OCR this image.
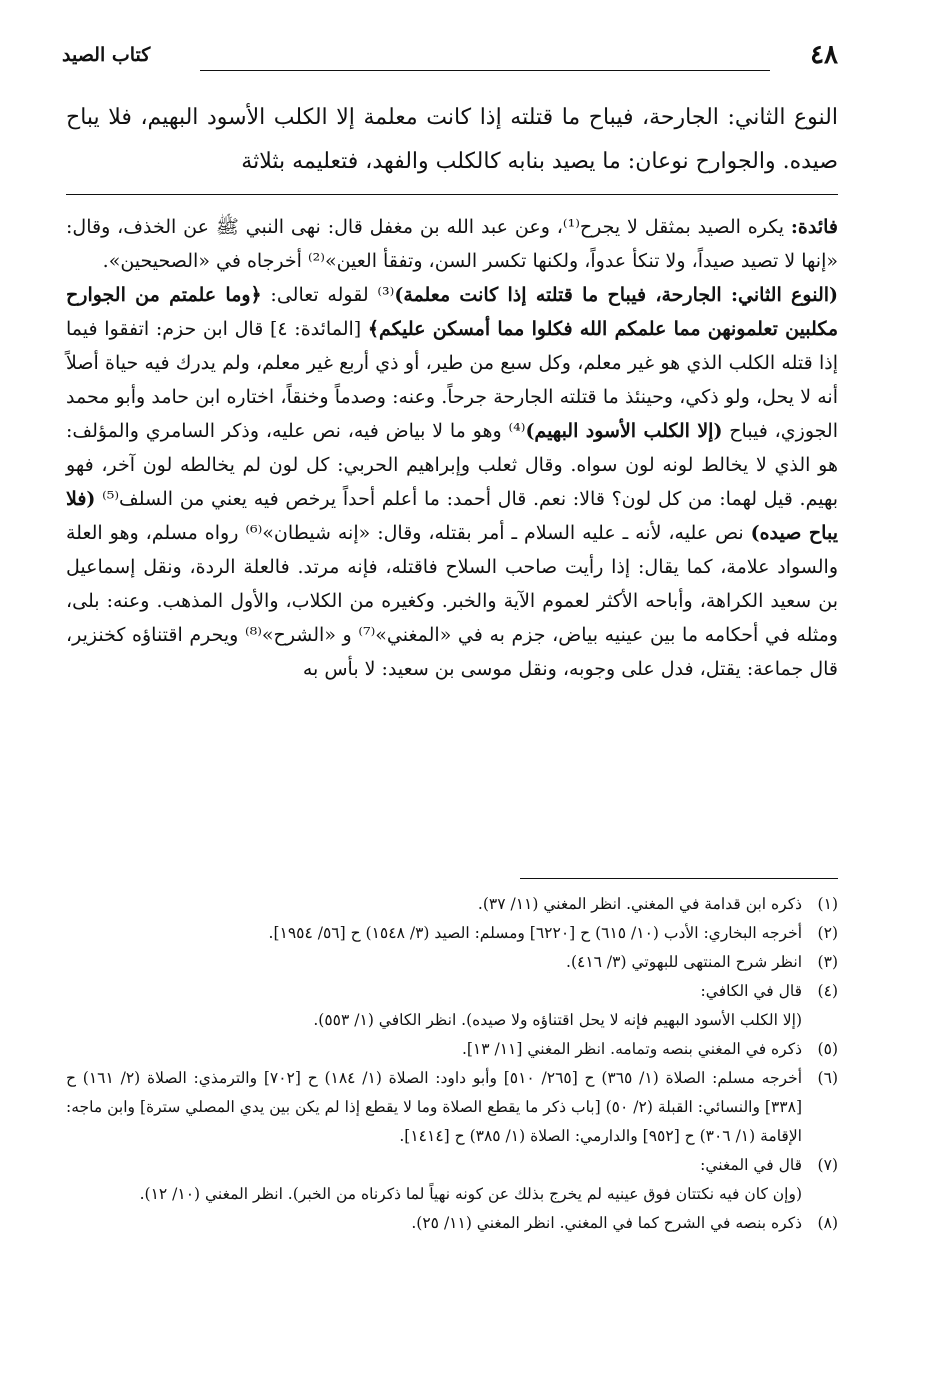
٤٨
كتاب الصيد
النوع الثاني: الجارحة، فيباح ما قتلته إذا كانت معلمة إلا الكلب الأسود البهيم، فلا يباح صيده. والجوارح نوعان: ما يصيد بنابه كالكلب والفهد، فتعليمه بثلاثة

فائدة: يكره الصيد بمثقل لا يجرح⁽¹⁾، وعن عبد الله بن مغفل قال: نهى النبي ﷺ عن الخذف، وقال: «إنها لا تصيد صيداً، ولا تنكأ عدواً، ولكنها تكسر السن، وتفقأ العين»⁽²⁾ أخرجاه في «الصحيحين».

(النوع الثاني: الجارحة، فيباح ما قتلته إذا كانت معلمة)⁽³⁾ لقوله تعالى: ﴿وما علمتم من الجوارح مكلبين تعلمونهن مما علمكم الله فكلوا مما أمسكن عليكم﴾ [المائدة: ٤] قال ابن حزم: اتفقوا فيما إذا قتله الكلب الذي هو غير معلم، وكل سبع من طير، أو ذي أربع غير معلم، ولم يدرك فيه حياة أصلاً أنه لا يحل، ولو ذكي، وحينئذ ما قتلته الجارحة جرحاً. وعنه: وصدماً وخنقاً، اختاره ابن حامد وأبو محمد الجوزي، فيباح (إلا الكلب الأسود البهيم)⁽⁴⁾ وهو ما لا بياض فيه، نص عليه، وذكر السامري والمؤلف: هو الذي لا يخالط لونه لون سواه. وقال ثعلب وإبراهيم الحربي: كل لون لم يخالطه لون آخر، فهو بهيم. قيل لهما: من كل لون؟ قالا: نعم. قال أحمد: ما أعلم أحداً يرخص فيه يعني من السلف⁽⁵⁾ (فلا يباح صيده) نص عليه، لأنه ـ عليه السلام ـ أمر بقتله، وقال: «إنه شيطان»⁽⁶⁾ رواه مسلم، وهو العلة والسواد علامة، كما يقال: إذا رأيت صاحب السلاح فاقتله، فإنه مرتد. فالعلة الردة، ونقل إسماعيل بن سعيد الكراهة، وأباحه الأكثر لعموم الآية والخبر. وكغيره من الكلاب، والأول المذهب. وعنه: بلى، ومثله في أحكامه ما بين عينيه بياض، جزم به في «المغني»⁽⁷⁾ و «الشرح»⁽⁸⁾ ويحرم اقتناؤه كخنزير، قال جماعة: يقتل، فدل على وجوبه، ونقل موسى بن سعيد: لا بأس به

(١)
ذكره ابن قدامة في المغني. انظر المغني (١١/ ٣٧).
(٢)
أخرجه البخاري: الأدب (١٠/ ٦١٥) ح [٦٢٢٠] ومسلم: الصيد (٣/ ١٥٤٨) ح [٥٦/ ١٩٥٤].
(٣)
انظر شرح المنتهى للبهوتي (٣/ ٤١٦).
(٤)
قال في الكافي:
(إلا الكلب الأسود البهيم فإنه لا يحل اقتناؤه ولا صيده). انظر الكافي (١/ ٥٥٣).
(٥)
ذكره في المغني بنصه وتمامه. انظر المغني [١١/ ١٣].
(٦)
أخرجه مسلم: الصلاة (١/ ٣٦٥) ح [٢٦٥/ ٥١٠] وأبو داود: الصلاة (١/ ١٨٤) ح [٧٠٢] والترمذي: الصلاة (٢/ ١٦١) ح [٣٣٨] والنسائي: القبلة (٢/ ٥٠) [باب ذكر ما يقطع الصلاة وما لا يقطع إذا لم يكن بين يدي المصلي سترة] وابن ماجه: الإقامة (١/ ٣٠٦) ح [٩٥٢] والدارمي: الصلاة (١/ ٣٨٥) ح [١٤١٤].
(٧)
قال في المغني:
(وإن كان فيه نكتتان فوق عينيه لم يخرج بذلك عن كونه نهياً لما ذكرناه من الخبر). انظر المغني (١٠/ ١٢).
(٨)
ذكره بنصه في الشرح كما في المغني. انظر المغني (١١/ ٢٥).
